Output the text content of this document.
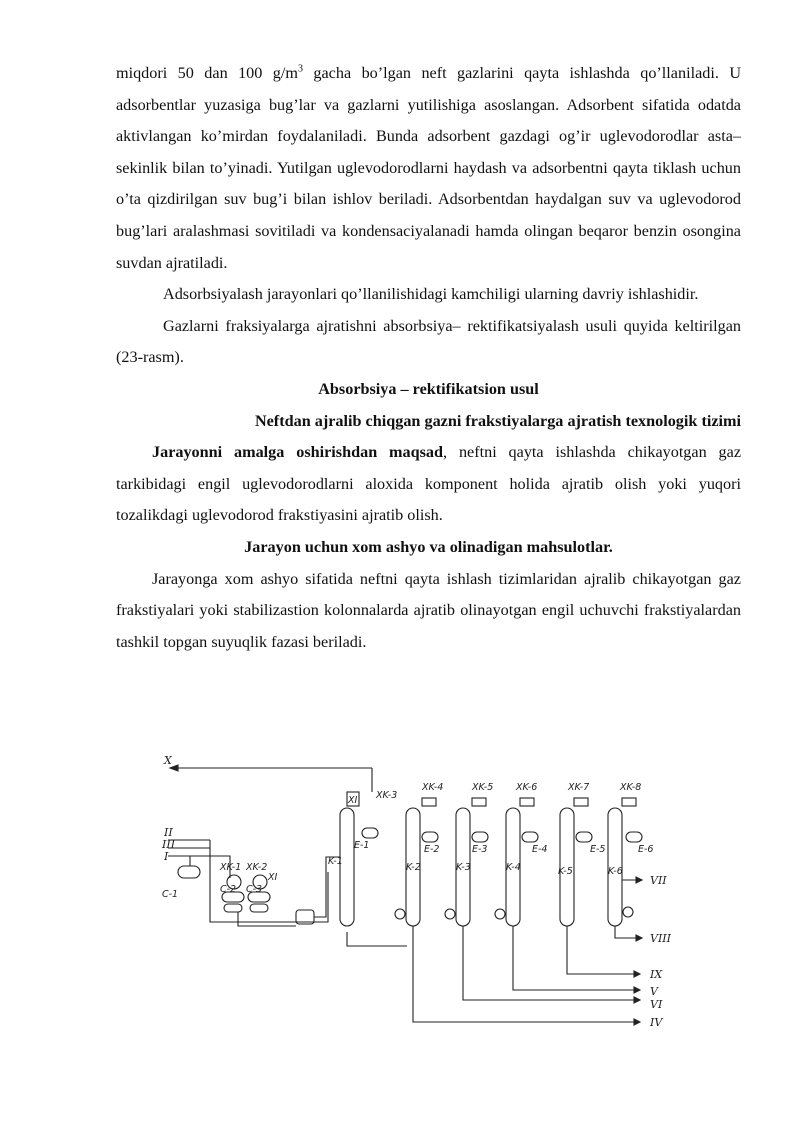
miqdori 50 dan 100 $g/m^3$ gacha bo’lgan neft gazlarini qayta ishlashda qo’llaniladi. U adsorbentlar yuzasiga bug’lar va gazlarni yutilishiga asoslangan. Adsorbent sifatida odatda aktivlangan ko’mirdan foydalaniladi. Bunda adsorbent gazdagi og’ir uglevodorodlar asta–sekinlik bilan to’yinadi. Yutilgan uglevodorodlarni haydash va adsorbentni qayta tiklash uchun o’ta qizdirilgan suv bug’i bilan ishlov beriladi. Adsorbentdan haydalgan suv va uglevodorod bug’lari aralashmasi sovitiladi va kondensaciyalanadi hamda olingan beqaror benzin osongina suvdan ajratiladi.

Adsorbsiyalash jarayonlari qo’llanilishidagi kamchiligi ularning davriy ishlashidir.

Gazlarni fraksiyalarga ajratishni absorbsiya– rektifikatsiyalash usuli quyida keltirilgan (23-rasm).

Absorbsiya – rektifikatsion usul

Neftdan ajralib chiqgan gazni frakstiyalarga ajratish texnologik tizimi

Jarayonni amalga oshirishdan maqsad, neftni qayta ishlashda chikayotgan gaz tarkibidagi engil uglevodorodlarni aloxida komponent holida ajratib olish yoki yuqori tozalikdagi uglevodorod frakstiyasini ajratib olish.

Jarayon uchun xom ashyo va olinadigan mahsulotlar.

Jarayonga xom ashyo sifatida neftni qayta ishlash tizimlaridan ajralib chikayotgan gaz frakstiyalari yoki stabilizastion kolonnalarda ajratib olinayotgan engil uchuvchi frakstiyalardan tashkil topgan suyuqlik fazasi beriladi.

X
II
III
I
C-1
XK-1 XK-2
C-2 C-3
XI
K-1
XI XK-3
E-1
K-2
XK-4
E-2
K-3
XK-5
E-3
K-4
XK-6
E-4
K-5
XK-7
E-5
K-6
XK-8
E-6
VII
VIII
IX
V
VI
IV
